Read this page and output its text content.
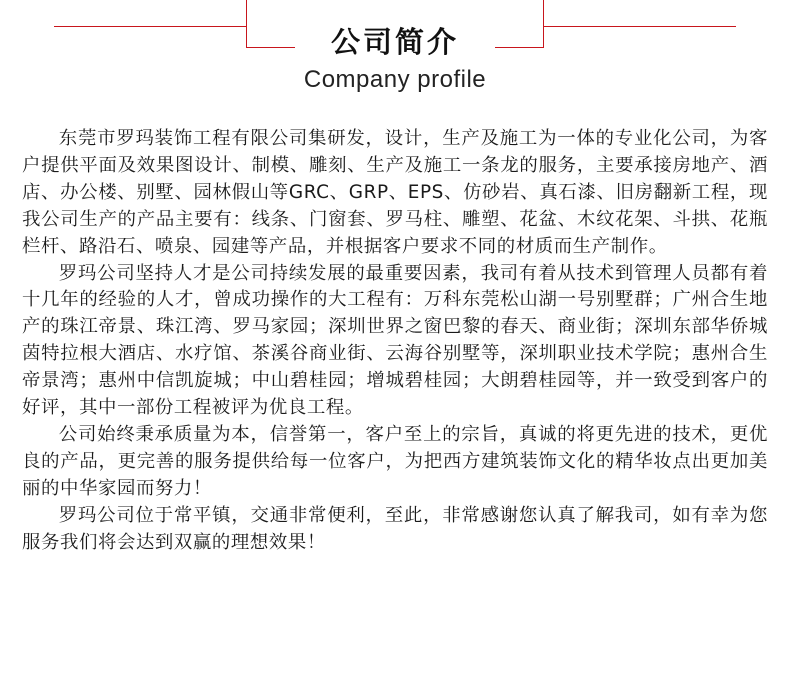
公司简介
Company profile

东莞市罗玛装饰工程有限公司集研发，设计，生产及施工为一体的专业化公司，为客户提供平面及效果图设计、制模、雕刻、生产及施工一条龙的服务，主要承接房地产、酒店、办公楼、别墅、园林假山等GRC、GRP、EPS、仿砂岩、真石漆、旧房翻新工程，现我公司生产的产品主要有：线条、门窗套、罗马柱、雕塑、花盆、木纹花架、斗拱、花瓶栏杆、路沿石、喷泉、园建等产品，并根据客户要求不同的材质而生产制作。

罗玛公司坚持人才是公司持续发展的最重要因素，我司有着从技术到管理人员都有着十几年的经验的人才，曾成功操作的大工程有：万科东莞松山湖一号别墅群；广州合生地产的珠江帝景、珠江湾、罗马家园；深圳世界之窗巴黎的春天、商业街；深圳东部华侨城茵特拉根大酒店、水疗馆、茶溪谷商业街、云海谷别墅等，深圳职业技术学院；惠州合生帝景湾；惠州中信凯旋城；中山碧桂园；增城碧桂园；大朗碧桂园等，并一致受到客户的好评，其中一部份工程被评为优良工程。

公司始终秉承质量为本，信誉第一，客户至上的宗旨，真诚的将更先进的技术，更优良的产品，更完善的服务提供给每一位客户，为把西方建筑装饰文化的精华妆点出更加美丽的中华家园而努力！

罗玛公司位于常平镇，交通非常便利，至此，非常感谢您认真了解我司，如有幸为您服务我们将会达到双赢的理想效果！
